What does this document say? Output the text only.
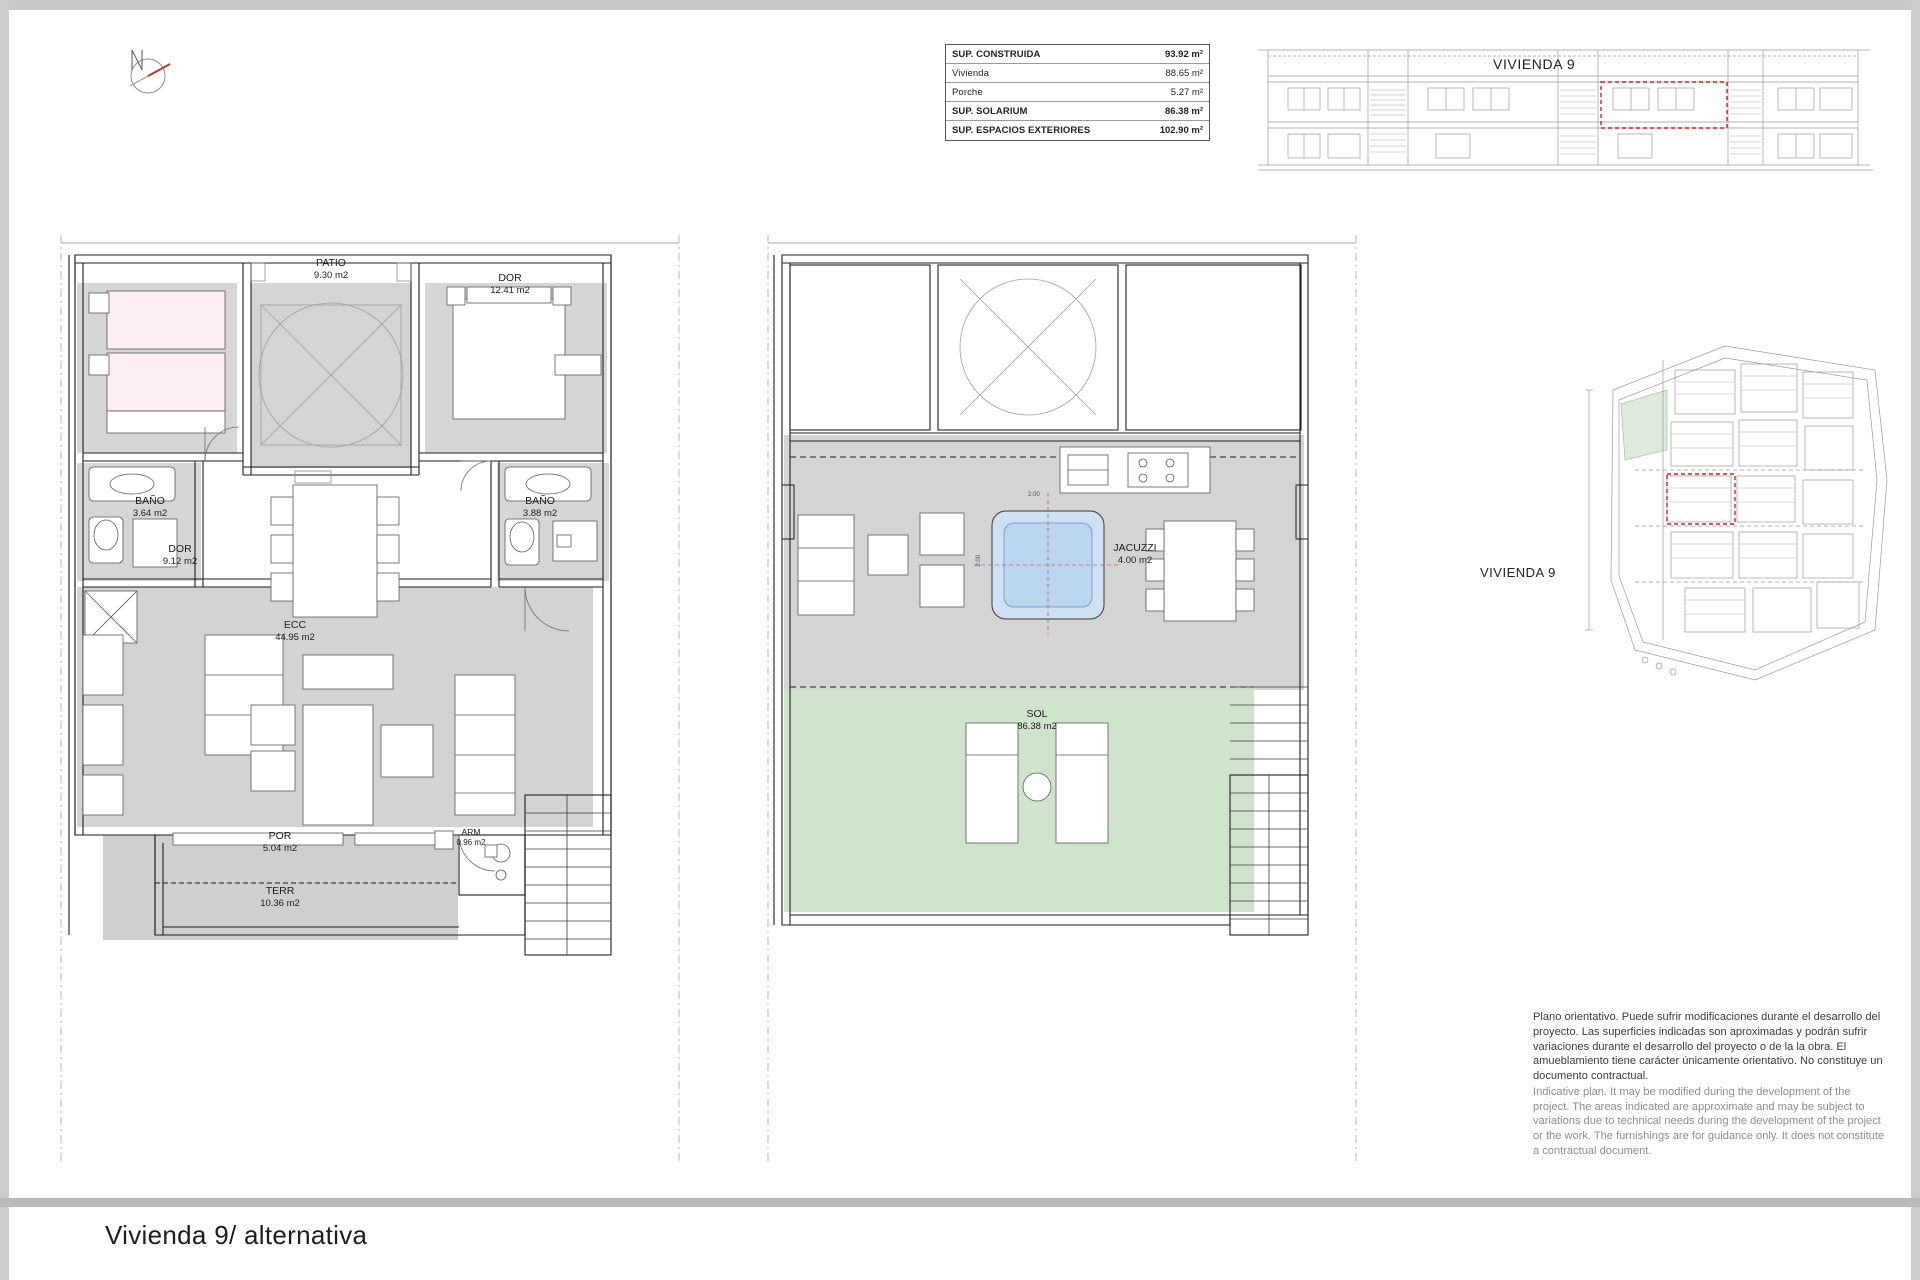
SUP. CONSTRUIDA	93.92 m²
Vivienda	88.65 m²
Porche	5.27 m²
SUP. SOLARIUM	86.38 m²
SUP. ESPACIOS EXTERIORES	102.90 m²
VIVIENDA 9
DOR
9.12 m2
PATIO
9.30 m2	DOR
12.41 m2
BAÑO
3.64 m2
BAÑO
3.88 m2
ECC
44.95 m2
POR
5.04 m2
TERR
10.36 m2
ARM
0.96 m2
JACUZZI
4.00 m2
SOL
86.38 m2
2.00
2.00
VIVIENDA 9
Plano orientativo. Puede sufrir modificaciones durante el desarrollo del proyecto. Las superficies indicadas son aproximadas y podrán sufrir variaciones durante el desarrollo del proyecto o de la la obra. El amueblamiento tiene carácter únicamente orientativo. No constituye un documento contractual.
Indicative plan. It may be modified during the development of the project. The areas indicated are approximate and may be subject to variations due to technical needs during the development of the project or the work. The furnishings are for guidance only. It does not constitute a contractual document.
Vivienda 9/ alternativa
